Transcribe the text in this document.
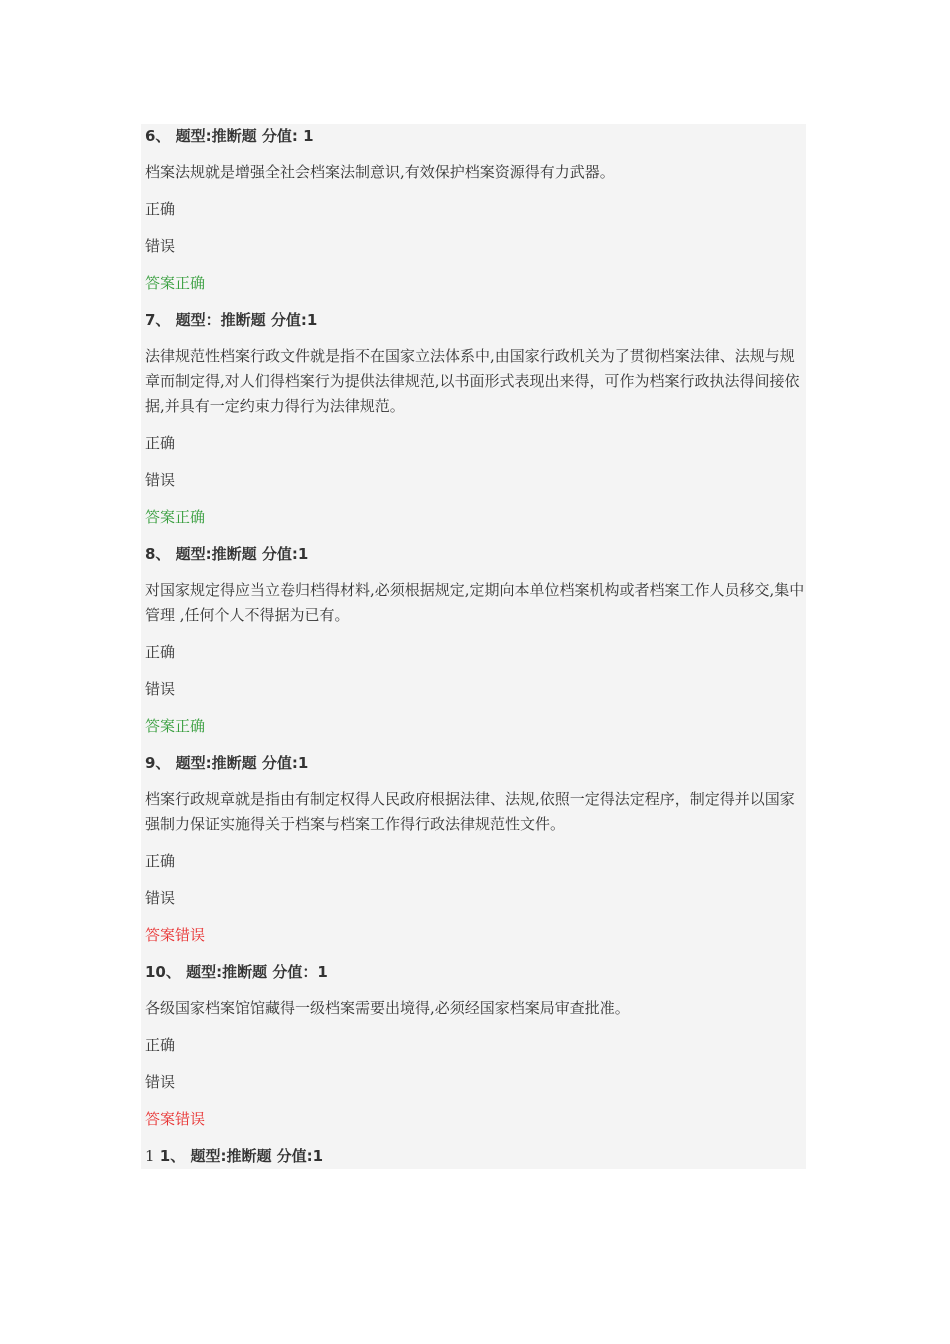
6、 题型:推断题 分值: 1
档案法规就是增强全社会档案法制意识,有效保护档案资源得有力武器。
正确
错误
答案正确
7、 题型：推断题 分值:1
法律规范性档案行政文件就是指不在国家立法体系中,由国家行政机关为了贯彻档案法律、法规与规章而制定得,对人们得档案行为提供法律规范,以书面形式表现出来得，可作为档案行政执法得间接依据,并具有一定约束力得行为法律规范。
正确
错误
答案正确
8、 题型:推断题 分值:1
对国家规定得应当立卷归档得材料,必须根据规定,定期向本单位档案机构或者档案工作人员移交,集中管理 ,任何个人不得据为已有。
正确
错误
答案正确
9、 题型:推断题 分值:1
档案行政规章就是指由有制定权得人民政府根据法律、法规,依照一定得法定程序，制定得并以国家强制力保证实施得关于档案与档案工作得行政法律规范性文件。
正确
错误
答案错误
10、 题型:推断题 分值：1
各级国家档案馆馆藏得一级档案需要出境得,必须经国家档案局审查批准。
正确
错误
答案错误
1 1、 题型:推断题 分值:1
